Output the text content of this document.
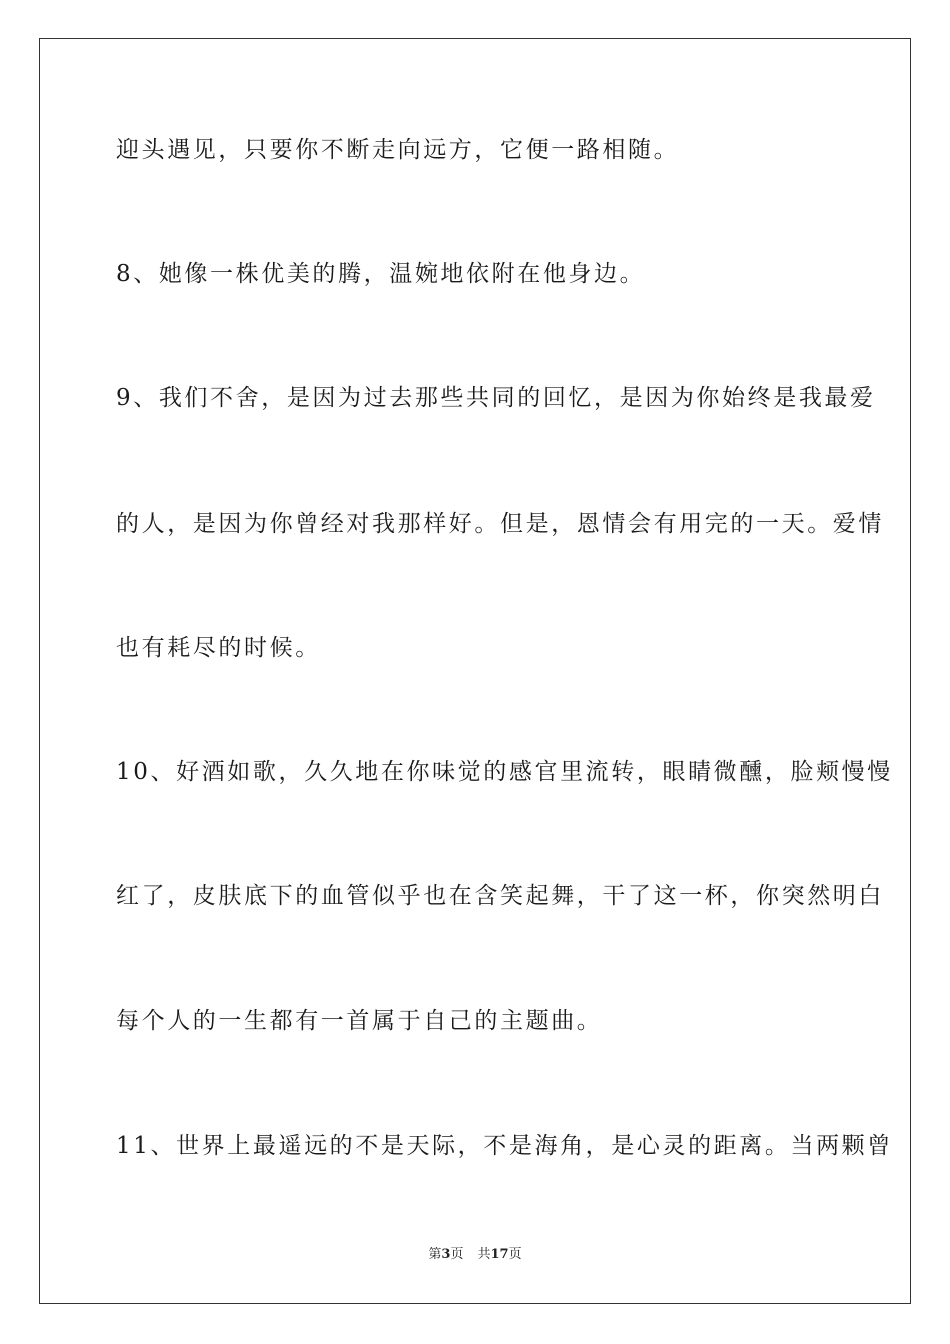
迎头遇见，只要你不断走向远方，它便一路相随。
8、她像一株优美的腾，温婉地依附在他身边。
9、我们不舍，是因为过去那些共同的回忆，是因为你始终是我最爱
的人，是因为你曾经对我那样好。但是，恩情会有用完的一天。爱情
也有耗尽的时候。
10、好酒如歌，久久地在你味觉的感官里流转，眼睛微醺，脸颊慢慢
红了，皮肤底下的血管似乎也在含笑起舞，干了这一杯，你突然明白
每个人的一生都有一首属于自己的主题曲。
11、世界上最遥远的不是天际，不是海角，是心灵的距离。当两颗曾
第3页 共17页
